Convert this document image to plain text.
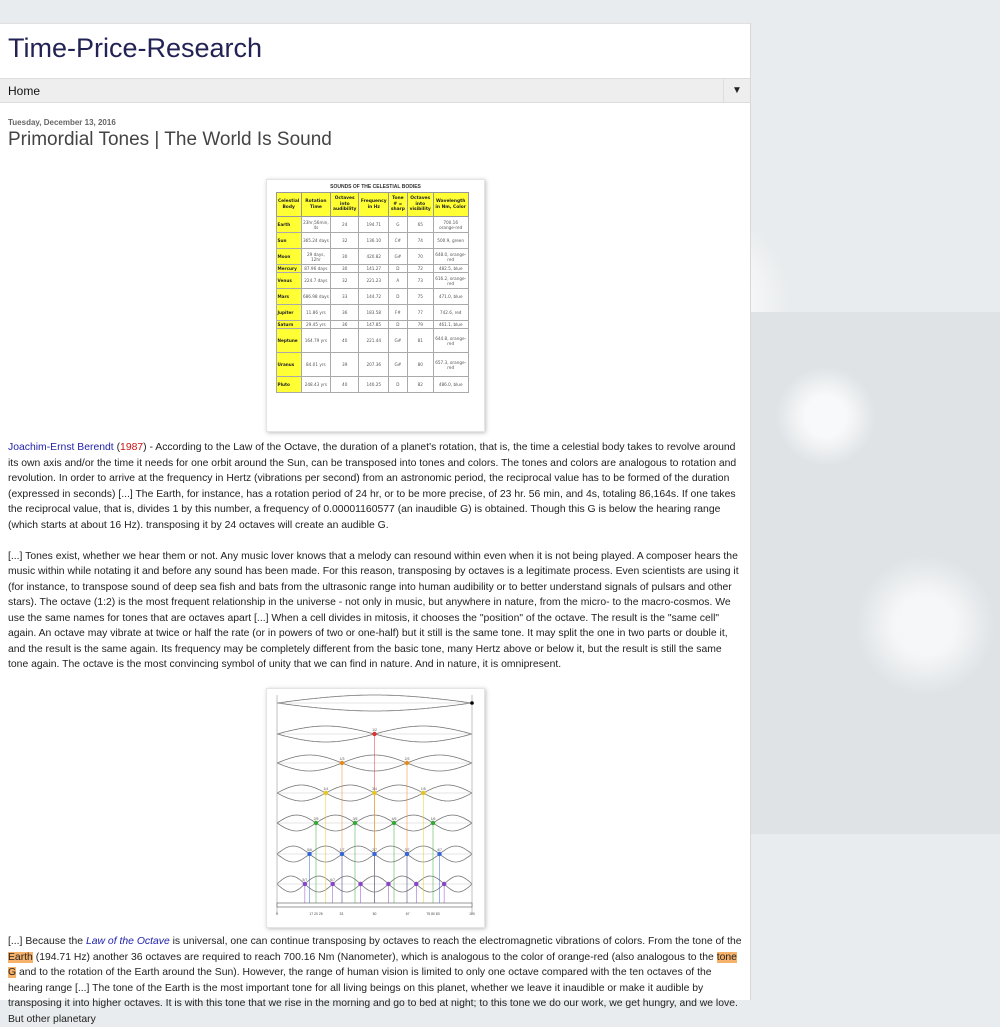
Time-Price-Research
Home	▼
Tuesday, December 13, 2016
Primordial Tones | The World Is Sound
SOUNDS OF THE CELESTIAL BODIES
Celestial Body	Rotation Time	Octaves into audibility	Frequency in Hz	Tone # = sharp	Octaves into visibility	Wavelength in Nm, Color
Earth	23hr,56min, 4s	24	194.71	G	65	700.16 orange-red
Sun	365.24 days	32	136.10	C#	74	500.9, green
Moon	29 days, 12hr	30	420.82	G#	70	648.0, orange-red
Mercury	87.96 days	30	141.27	D	72	482.5, blue
Venus	224.7 days	32	221.23	A	73	616.2, orange-red
Mars	686.98 days	33	144.72	D	75	471.0, blue
Jupiter	11.86 yrs	36	183.58	F#	77	742.6, red
Saturn	29.45 yrs	36	147.85	D	79	461.1, blue
Neptune	164.79 yrs	40	221.44	G#	81	644.8, orange-red
Uranus	84.01 yrs	39	207.36	G#	80	657.3, orange-red
Pluto	248.43 yrs	40	140.25	D	82	486.0, blue

Joachim-Ernst Berendt (1987) - According to the Law of the Octave, the duration of a planet's rotation, that is, the time a celestial body takes to revolve around its own axis and/or the time it needs for one orbit around the Sun, can be transposed into tones and colors. The tones and colors are analogous to rotation and revolution. In order to arrive at the frequency in Hertz (vibrations per second) from an astronomic period, the reciprocal value has to be formed of the duration (expressed in seconds) [...] The Earth, for instance, has a rotation period of 24 hr, or to be more precise, of 23 hr. 56 min, and 4s, totaling 86,164s. If one takes the reciprocal value, that is, divides 1 by this number, a frequency of 0.00001160577 (an inaudible G) is obtained. Though this G is below the hearing range (which starts at about 16 Hz). transposing it by 24 octaves will create an audible G.

[...] Tones exist, whether we hear them or not. Any music lover knows that a melody can resound within even when it is not being played. A composer hears the music within while notating it and before any sound has been made. For this reason, transposing by octaves is a legitimate process. Even scientists are using it (for instance, to transpose sound of deep sea fish and bats from the ultrasonic range into human audibility or to better understand signals of pulsars and other stars). The octave (1:2) is the most frequent relationship in the universe - not only in music, but anywhere in nature, from the micro- to the macro-cosmos. We use the same names for tones that are octaves apart [...] When a cell divides in mitosis, it chooses the "position" of the octave. The result is the "same cell" again. An octave may vibrate at twice or half the rate (or in powers of two or one-half) but it still is the same tone. It may split the one in two parts or double it, and the result is the same again. Its frequency may be completely different from the basic tone, many Hertz above or below it, but the result is still the same tone again. The octave is the most convincing symbol of unity that we can find in nature. And in nature, it is omnipresent.

1/2
1/3	2/3
1/4	3/4	1/5
2/5	3/5	4/5	1/6
5/6	1/7	2/7	3/7	4/7
5/7	6/7
0	17 20 25	33	50	67	75 80 83	100

[...] Because the Law of the Octave is universal, one can continue transposing by octaves to reach the electromagnetic vibrations of colors. From the tone of the Earth (194.71 Hz) another 36 octaves are required to reach 700.16 Nm (Nanometer), which is analogous to the color of orange-red (also analogous to the tone G and to the rotation of the Earth around the Sun). However, the range of human vision is limited to only one octave compared with the ten octaves of the hearing range [...] The tone of the Earth is the most important tone for all living beings on this planet, whether we leave it inaudible or make it audible by transposing it into higher octaves. It is with this tone that we rise in the morning and go to bed at night; to this tone we do our work, we get hungry, and we love. But other planetary
